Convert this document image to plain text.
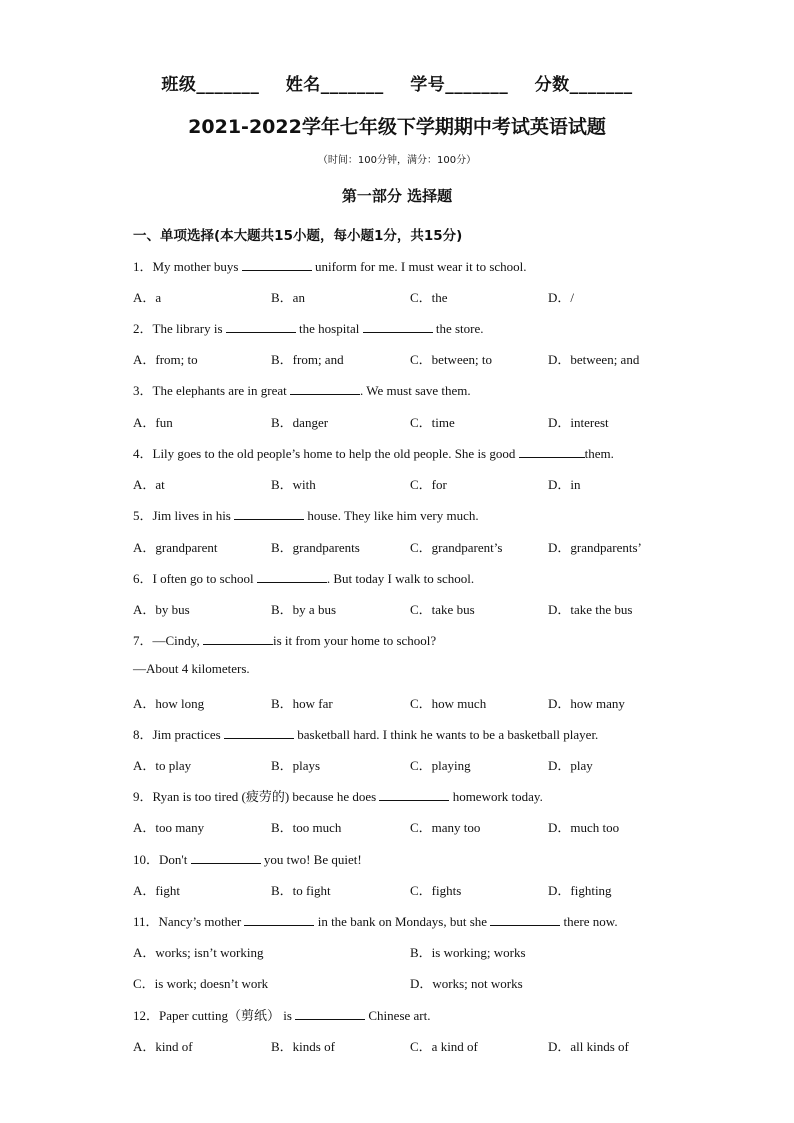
班级_______ 姓名_______ 学号_______ 分数_______
2021-2022学年七年级下学期期中考试英语试题
（时间：100分钟，满分：100分）
第一部分 选择题
一、单项选择(本大题共15小题，每小题1分，共15分)
1．My mother buys	uniform for me. I must wear it to school.
A．a	B．an	C．the	D．/
2．The library is	the hospital	the store.
A．from; to	B．from; and	C．between; to	D．between; and
3．The elephants are in great	. We must save them.
A．fun	B．danger	C．time	D．interest
4．Lily goes to the old people’s home to help the old people. She is good	them.
A．at	B．with	C．for	D．in
5．Jim lives in his	house. They like him very much.
A．grandparent	B．grandparents	C．grandparent’s	D．grandparents’
6．I often go to school	. But today I walk to school.
A．by bus	B．by a bus	C．take bus	D．take the bus
7．—Cindy,	is it from your home to school?
—About 4 kilometers.
A．how long	B．how far	C．how much	D．how many
8．Jim practices	basketball hard. I think he wants to be a basketball player.
A．to play	B．plays	C．playing	D．play
9．Ryan is too tired (疲劳的) because he does	homework today.
A．too many	B．too much	C．many too	D．much too
10．Don't	you two! Be quiet!
A．fight	B．to fight	C．fights	D．fighting
11．Nancy’s mother	in the bank on Mondays, but she	there now.
A．works; isn’t working	B．is working; works
C．is work; doesn’t work	D．works; not works
12．Paper cutting（剪纸） is	Chinese art.
A．kind of	B．kinds of	C．a kind of	D．all kinds of
